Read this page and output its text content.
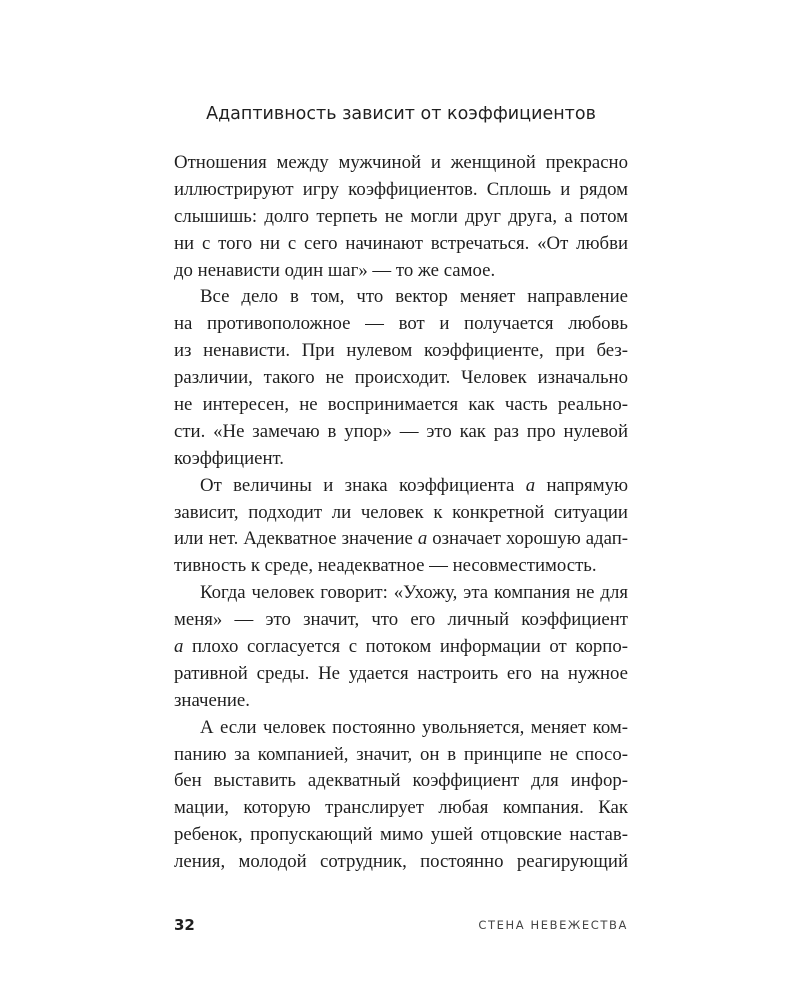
Адаптивность зависит от коэффициентов
Отношения между мужчиной и женщиной прекрасно
иллюстрируют игру коэффициентов. Сплошь и рядом
слышишь: долго терпеть не могли друг друга, а потом
ни с того ни с сего начинают встречаться. «От любви
до ненависти один шаг» — то же самое.
Все дело в том, что вектор меняет направление
на противоположное — вот и получается любовь
из ненависти. При нулевом коэффициенте, при без-
различии, такого не происходит. Человек изначально
не интересен, не воспринимается как часть реально-
сти. «Не замечаю в упор» — это как раз про нулевой
коэффициент.
От величины и знака коэффициента а напрямую
зависит, подходит ли человек к конкретной ситуации
или нет. Адекватное значение а означает хорошую адап-
тивность к среде, неадекватное — несовместимость.
Когда человек говорит: «Ухожу, эта компания не для
меня» — это значит, что его личный коэффициент
а плохо согласуется с потоком информации от корпо-
ративной среды. Не удается настроить его на нужное
значение.
А если человек постоянно увольняется, меняет ком-
панию за компанией, значит, он в принципе не спосо-
бен выставить адекватный коэффициент для инфор-
мации, которую транслирует любая компания. Как
ребенок, пропускающий мимо ушей отцовские настав-
ления, молодой сотрудник, постоянно реагирующий
32	СТЕНА НЕВЕЖЕСТВА
